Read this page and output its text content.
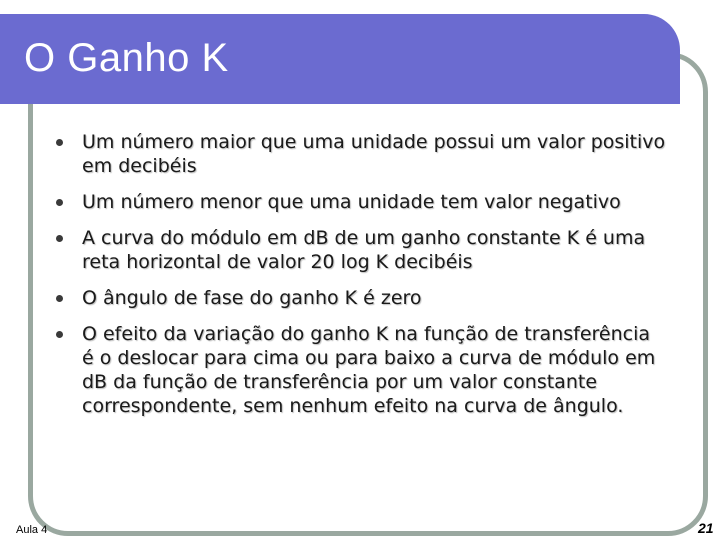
O Ganho K
Um número maior que uma unidade possui um valor positivo em decibéis
Um número menor que uma unidade tem valor negativo
A curva do módulo em dB de um ganho constante K é uma reta horizontal de valor 20 log K decibéis
O ângulo de fase do ganho K é zero
O efeito da variação do ganho K na função de transferência é o deslocar para cima ou para baixo a curva de módulo em dB da função de transferência por um valor constante correspondente, sem nenhum efeito na curva de ângulo.
Aula 4	21
